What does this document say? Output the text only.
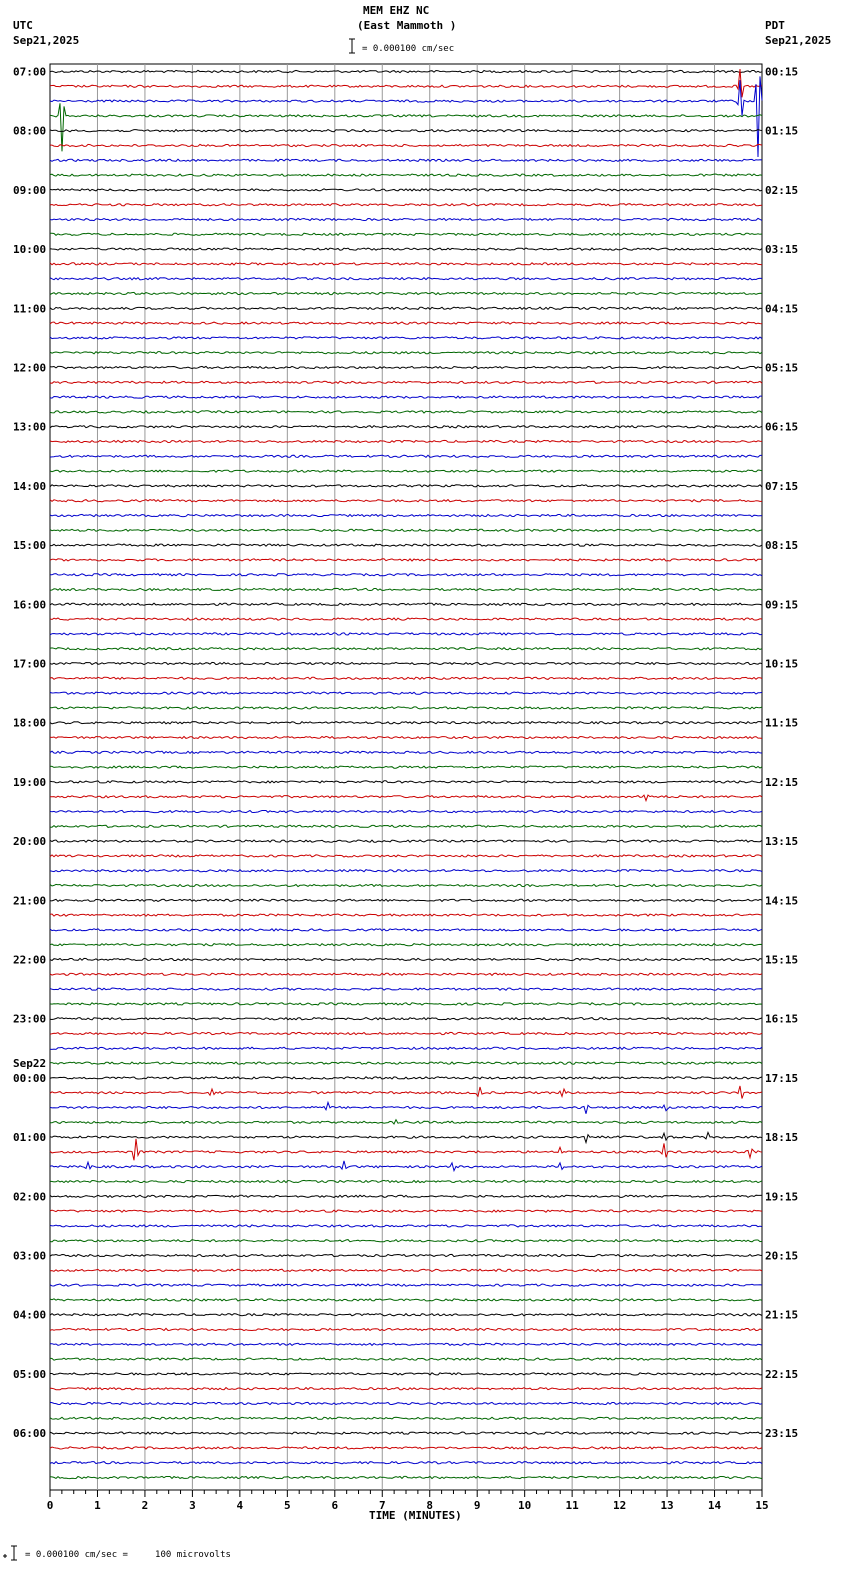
0	1	2	3	4	5	6	7	8	9	10	11	12	13	14	15
07:00	00:15
08:00	01:15
09:00	02:15
10:00	03:15
11:00	04:15
12:00	05:15
13:00	06:15
14:00	07:15
15:00	08:15
16:00	09:15
17:00	10:15
18:00	11:15
19:00	12:15
20:00	13:15
21:00	14:15
22:00	15:15
23:00	16:15
00:00	17:15
01:00	18:15
02:00	19:15
03:00	20:15
04:00	21:15
05:00	22:15
06:00	23:15
Sep22
MEM EHZ NC
(East Mammoth )
= 0.000100 cm/sec
UTC
Sep21,2025
PDT
Sep21,2025
TIME (MINUTES)
= 0.000100 cm/sec =     100 microvolts
